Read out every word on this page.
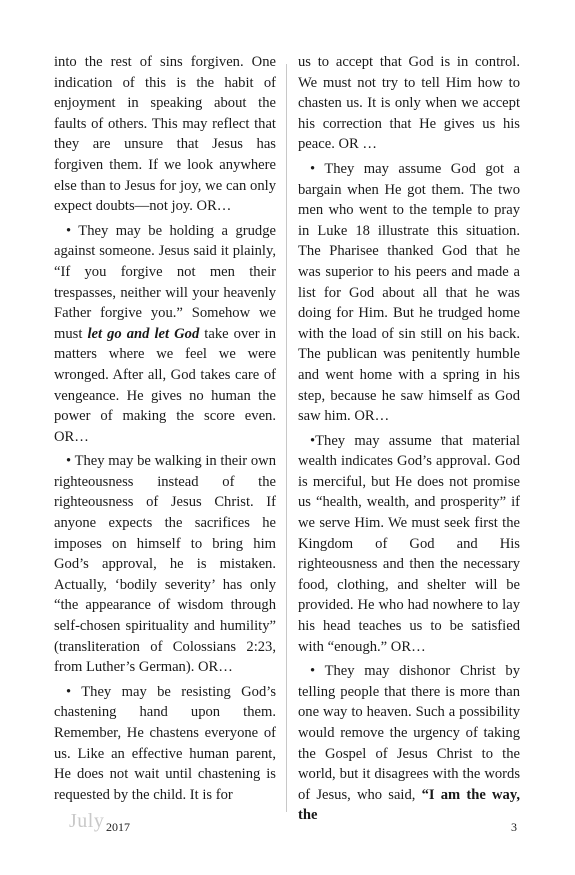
into the rest of sins forgiven. One indication of this is the habit of enjoyment in speaking about the faults of others. This may reflect that they are unsure that Jesus has forgiven them. If we look anywhere else than to Jesus for joy, we can only expect doubts—not joy. OR…

• They may be holding a grudge against someone. Jesus said it plainly, “If you forgive not men their trespasses, neither will your heavenly Father forgive you.” Somehow we must let go and let God take over in matters where we feel we were wronged. After all, God takes care of vengeance. He gives no human the power of making the score even. OR…

• They may be walking in their own righteousness instead of the righteousness of Jesus Christ. If anyone expects the sacrifices he imposes on himself to bring him God’s approval, he is mistaken. Actually, ‘bodily severity’ has only “the appearance of wisdom through self-chosen spirituality and humility” (transliteration of Colossians 2:23, from Luther’s German). OR…

• They may be resisting God’s chastening hand upon them. Remember, He chastens everyone of us. Like an effective human parent, He does not wait until chastening is requested by the child. It is for

us to accept that God is in control. We must not try to tell Him how to chasten us. It is only when we accept his correction that He gives us his peace. OR …

• They may assume God got a bargain when He got them. The two men who went to the temple to pray in Luke 18 illustrate this situation. The Pharisee thanked God that he was superior to his peers and made a list for God about all that he was doing for Him. But he trudged home with the load of sin still on his back. The publican was penitently humble and went home with a spring in his step, because he saw himself as God saw him. OR…

•They may assume that material wealth indicates God’s approval. God is merciful, but He does not promise us “health, wealth, and prosperity” if we serve Him. We must seek first the Kingdom of God and His righteousness and then the necessary food, clothing, and shelter will be provided. He who had nowhere to lay his head teaches us to be satisfied with “enough.” OR…

• They may dishonor Christ by telling people that there is more than one way to heaven. Such a possibility would remove the urgency of taking the Gospel of Jesus Christ to the world, but it disagrees with the words of Jesus, who said, “I am the way, the

July 2017	3
